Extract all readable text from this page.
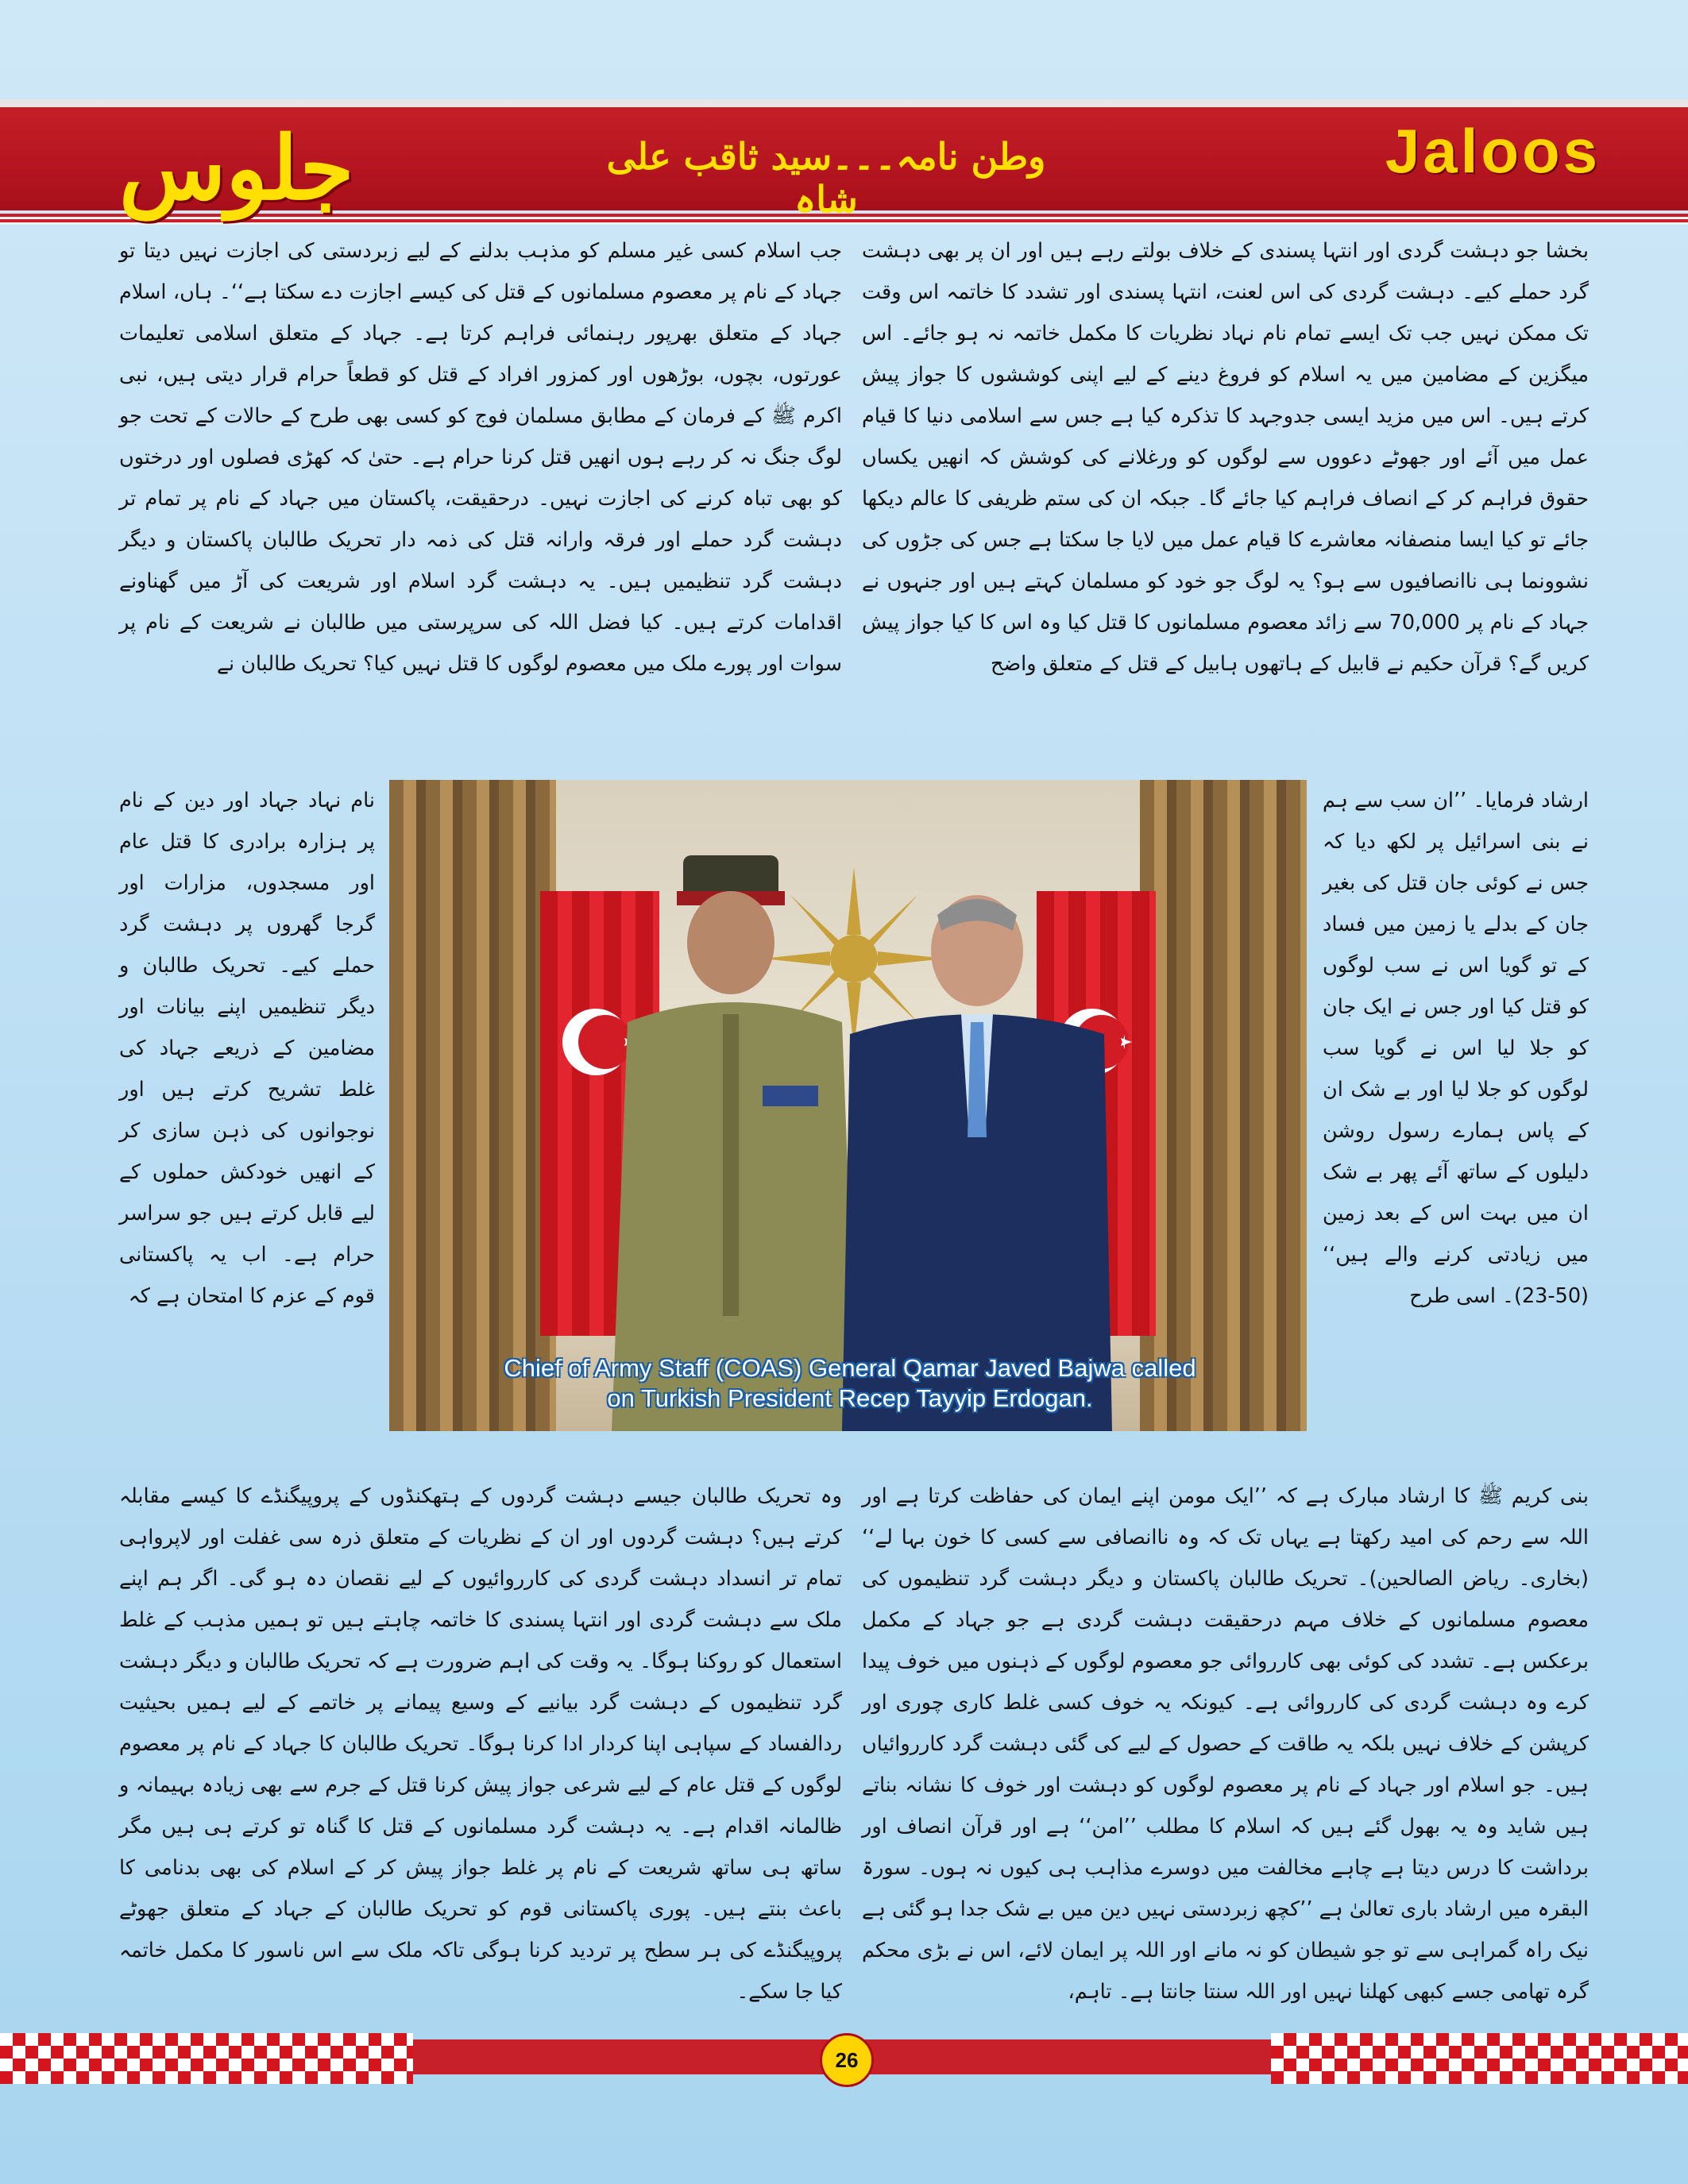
جلوس	وطن نامہ۔۔۔سید ثاقب علی شاہ
Jaloos

بخشا جو دہشت گردی اور انتہا پسندی کے خلاف بولتے رہے ہیں اور ان پر بھی دہشت گرد حملے کیے۔ دہشت گردی کی اس لعنت، انتہا پسندی اور تشدد کا خاتمہ اس وقت تک ممکن نہیں جب تک ایسے تمام نام نہاد نظریات کا مکمل خاتمہ نہ ہو جائے۔ اس میگزین کے مضامین میں یہ اسلام کو فروغ دینے کے لیے اپنی کوششوں کا جواز پیش کرتے ہیں۔ اس میں مزید ایسی جدوجہد کا تذکرہ کیا ہے جس سے اسلامی دنیا کا قیام عمل میں آئے اور جھوٹے دعووں سے لوگوں کو ورغلانے کی کوشش کہ انھیں یکساں حقوق فراہم کر کے انصاف فراہم کیا جائے گا۔ جبکہ ان کی ستم ظریفی کا عالم دیکھا جائے تو کیا ایسا منصفانہ معاشرے کا قیام عمل میں لایا جا سکتا ہے جس کی جڑوں کی نشوونما ہی ناانصافیوں سے ہو؟ یہ لوگ جو خود کو مسلمان کہتے ہیں اور جنہوں نے جہاد کے نام پر 70,000 سے زائد معصوم مسلمانوں کا قتل کیا وہ اس کا کیا جواز پیش کریں گے؟ قرآن حکیم نے قابیل کے ہاتھوں ہابیل کے قتل کے متعلق واضح

جب اسلام کسی غیر مسلم کو مذہب بدلنے کے لیے زبردستی کی اجازت نہیں دیتا تو جہاد کے نام پر معصوم مسلمانوں کے قتل کی کیسے اجازت دے سکتا ہے‘‘۔ ہاں، اسلام جہاد کے متعلق بھرپور رہنمائی فراہم کرتا ہے۔ جہاد کے متعلق اسلامی تعلیمات عورتوں، بچوں، بوڑھوں اور کمزور افراد کے قتل کو قطعاً حرام قرار دیتی ہیں، نبی اکرم ﷺ کے فرمان کے مطابق مسلمان فوج کو کسی بھی طرح کے حالات کے تحت جو لوگ جنگ نہ کر رہے ہوں انھیں قتل کرنا حرام ہے۔ حتیٰ کہ کھڑی فصلوں اور درختوں کو بھی تباہ کرنے کی اجازت نہیں۔ درحقیقت، پاکستان میں جہاد کے نام پر تمام تر دہشت گرد حملے اور فرقہ وارانہ قتل کی ذمہ دار تحریک طالبان پاکستان و دیگر دہشت گرد تنظیمیں ہیں۔ یہ دہشت گرد اسلام اور شریعت کی آڑ میں گھناونے اقدامات کرتے ہیں۔ کیا فضل اللہ کی سرپرستی میں طالبان نے شریعت کے نام پر سوات اور پورے ملک میں معصوم لوگوں کا قتل نہیں کیا؟ تحریک طالبان نے

ارشاد فرمایا۔ ’’ان سب سے ہم نے بنی اسرائیل پر لکھ دیا کہ جس نے کوئی جان قتل کی بغیر جان کے بدلے یا زمین میں فساد کے تو گویا اس نے سب لوگوں کو قتل کیا اور جس نے ایک جان کو جلا لیا اس نے گویا سب لوگوں کو جلا لیا اور بے شک ان کے پاس ہمارے رسول روشن دلیلوں کے ساتھ آئے پھر بے شک ان میں بہت اس کے بعد زمین میں زیادتی کرنے والے ہیں‘‘ (50-23)۔ اسی طرح

نام نہاد جہاد اور دین کے نام پر ہزارہ برادری کا قتل عام اور مسجدوں، مزارات اور گرجا گھروں پر دہشت گرد حملے کیے۔ تحریک طالبان و دیگر تنظیمیں اپنے بیانات اور مضامین کے ذریعے جہاد کی غلط تشریح کرتے ہیں اور نوجوانوں کی ذہن سازی کر کے انھیں خودکش حملوں کے لیے قابل کرتے ہیں جو سراسر حرام ہے۔ اب یہ پاکستانی قوم کے عزم کا امتحان ہے کہ

Chief of Army Staff (COAS) General Qamar Javed Bajwa called
on Turkish President Recep Tayyip Erdogan.

بنی کریم ﷺ کا ارشاد مبارک ہے کہ ’’ایک مومن اپنے ایمان کی حفاظت کرتا ہے اور اللہ سے رحم کی امید رکھتا ہے یہاں تک کہ وہ ناانصافی سے کسی کا خون بہا لے‘‘ (بخاری۔ ریاض الصالحین)۔ تحریک طالبان پاکستان و دیگر دہشت گرد تنظیموں کی معصوم مسلمانوں کے خلاف مہم درحقیقت دہشت گردی ہے جو جہاد کے مکمل برعکس ہے۔ تشدد کی کوئی بھی کارروائی جو معصوم لوگوں کے ذہنوں میں خوف پیدا کرے وہ دہشت گردی کی کارروائی ہے۔ کیونکہ یہ خوف کسی غلط کاری چوری اور کرپشن کے خلاف نہیں بلکہ یہ طاقت کے حصول کے لیے کی گئی دہشت گرد کارروائیاں ہیں۔ جو اسلام اور جہاد کے نام پر معصوم لوگوں کو دہشت اور خوف کا نشانہ بناتے ہیں شاید وہ یہ بھول گئے ہیں کہ اسلام کا مطلب ’’امن‘‘ ہے اور قرآن انصاف اور برداشت کا درس دیتا ہے چاہے مخالفت میں دوسرے مذاہب ہی کیوں نہ ہوں۔ سورۃ البقرہ میں ارشاد باری تعالیٰ ہے ’’کچھ زبردستی نہیں دین میں بے شک جدا ہو گئی ہے نیک راہ گمراہی سے تو جو شیطان کو نہ مانے اور اللہ پر ایمان لائے، اس نے بڑی محکم گرہ تھامی جسے کبھی کھلنا نہیں اور اللہ سنتا جانتا ہے۔ تاہم،

وہ تحریک طالبان جیسے دہشت گردوں کے ہتھکنڈوں کے پروپیگنڈے کا کیسے مقابلہ کرتے ہیں؟ دہشت گردوں اور ان کے نظریات کے متعلق ذرہ سی غفلت اور لاپرواہی تمام تر انسداد دہشت گردی کی کارروائیوں کے لیے نقصان دہ ہو گی۔ اگر ہم اپنے ملک سے دہشت گردی اور انتہا پسندی کا خاتمہ چاہتے ہیں تو ہمیں مذہب کے غلط استعمال کو روکنا ہوگا۔ یہ وقت کی اہم ضرورت ہے کہ تحریک طالبان و دیگر دہشت گرد تنظیموں کے دہشت گرد بیانیے کے وسیع پیمانے پر خاتمے کے لیے ہمیں بحیثیت ردالفساد کے سپاہی اپنا کردار ادا کرنا ہوگا۔ تحریک طالبان کا جہاد کے نام پر معصوم لوگوں کے قتل عام کے لیے شرعی جواز پیش کرنا قتل کے جرم سے بھی زیادہ بہیمانہ و ظالمانہ اقدام ہے۔ یہ دہشت گرد مسلمانوں کے قتل کا گناہ تو کرتے ہی ہیں مگر ساتھ ہی ساتھ شریعت کے نام پر غلط جواز پیش کر کے اسلام کی بھی بدنامی کا باعث بنتے ہیں۔ پوری پاکستانی قوم کو تحریک طالبان کے جہاد کے متعلق جھوٹے پروپیگنڈے کی ہر سطح پر تردید کرنا ہوگی تاکہ ملک سے اس ناسور کا مکمل خاتمہ کیا جا سکے۔

26
